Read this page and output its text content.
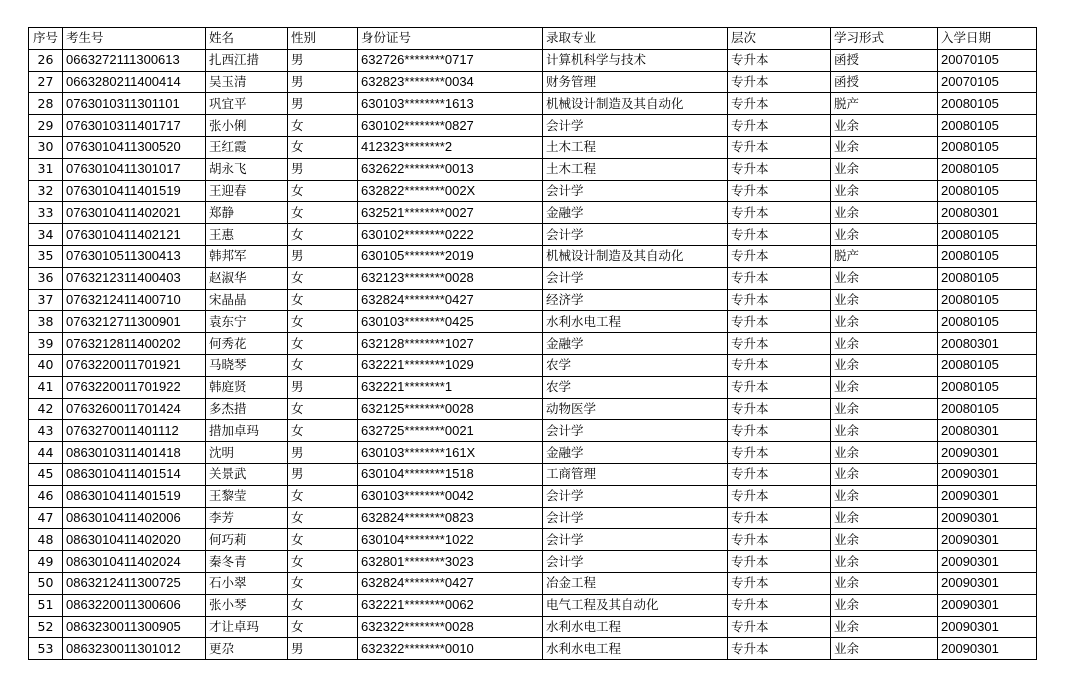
序号	考生号	姓名	性别	身份证号	录取专业	层次	学习形式	入学日期
26	0663272111300613	扎西江措	男	632726********0717	计算机科学与技术	专升本	函授	20070105
27	0663280211400414	吴玉清	男	632823********0034	财务管理	专升本	函授	20070105
28	0763010311301101	巩宜平	男	630103********1613	机械设计制造及其自动化	专升本	脱产	20080105
29	0763010311401717	张小俐	女	630102********0827	会计学	专升本	业余	20080105
30	0763010411300520	王红霞	女	412323********2	土木工程	专升本	业余	20080105
31	0763010411301017	胡永飞	男	632622********0013	土木工程	专升本	业余	20080105
32	0763010411401519	王迎春	女	632822********002X	会计学	专升本	业余	20080105
33	0763010411402021	郑静	女	632521********0027	金融学	专升本	业余	20080301
34	0763010411402121	王惠	女	630102********0222	会计学	专升本	业余	20080105
35	0763010511300413	韩邦军	男	630105********2019	机械设计制造及其自动化	专升本	脱产	20080105
36	0763212311400403	赵淑华	女	632123********0028	会计学	专升本	业余	20080105
37	0763212411400710	宋晶晶	女	632824********0427	经济学	专升本	业余	20080105
38	0763212711300901	袁东宁	女	630103********0425	水利水电工程	专升本	业余	20080105
39	0763212811400202	何秀花	女	632128********1027	金融学	专升本	业余	20080301
40	0763220011701921	马晓琴	女	632221********1029	农学	专升本	业余	20080105
41	0763220011701922	韩庭贤	男	632221********1	农学	专升本	业余	20080105
42	0763260011701424	多杰措	女	632125********0028	动物医学	专升本	业余	20080105
43	0763270011401112	措加卓玛	女	632725********0021	会计学	专升本	业余	20080301
44	0863010311401418	沈明	男	630103********161X	金融学	专升本	业余	20090301
45	0863010411401514	关景武	男	630104********1518	工商管理	专升本	业余	20090301
46	0863010411401519	王黎莹	女	630103********0042	会计学	专升本	业余	20090301
47	0863010411402006	李芳	女	632824********0823	会计学	专升本	业余	20090301
48	0863010411402020	何巧莉	女	630104********1022	会计学	专升本	业余	20090301
49	0863010411402024	秦冬青	女	632801********3023	会计学	专升本	业余	20090301
50	0863212411300725	石小翠	女	632824********0427	冶金工程	专升本	业余	20090301
51	0863220011300606	张小琴	女	632221********0062	电气工程及其自动化	专升本	业余	20090301
52	0863230011300905	才让卓玛	女	632322********0028	水利水电工程	专升本	业余	20090301
53	0863230011301012	更尕	男	632322********0010	水利水电工程	专升本	业余	20090301
